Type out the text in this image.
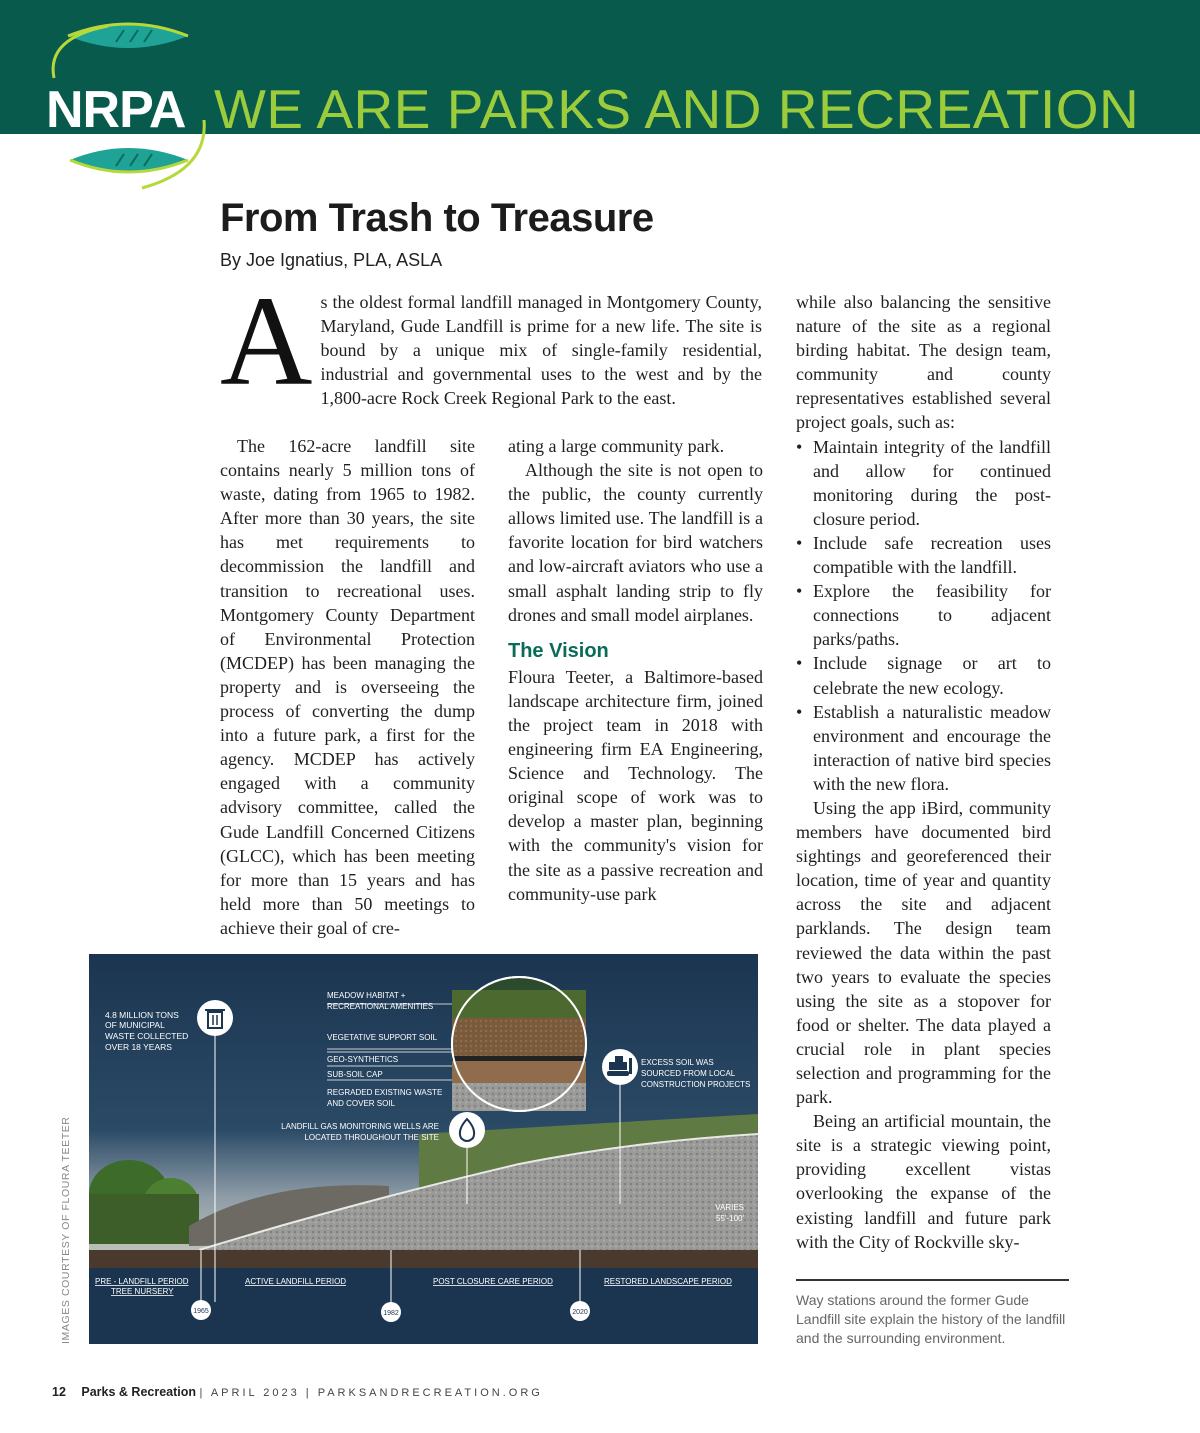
NRPA WE ARE PARKS AND RECREATION
From Trash to Treasure
By Joe Ignatius, PLA, ASLA

As the oldest formal landfill managed in Montgomery County, Maryland, Gude Landfill is prime for a new life. The site is bound by a unique mix of single-family residential, industrial and governmental uses to the west and by the 1,800-acre Rock Creek Regional Park to the east.

The 162-acre landfill site contains nearly 5 million tons of waste, dating from 1965 to 1982. After more than 30 years, the site has met requirements to decommission the landfill and transition to recreational uses. Montgomery County Department of Environmental Protection (MCDEP) has been managing the property and is overseeing the process of converting the dump into a future park, a first for the agency. MCDEP has actively engaged with a community advisory committee, called the Gude Landfill Concerned Citizens (GLCC), which has been meeting for more than 15 years and has held more than 50 meetings to achieve their goal of cre-

ating a large community park.

Although the site is not open to the public, the county currently allows limited use. The landfill is a favorite location for bird watchers and low-aircraft aviators who use a small asphalt landing strip to fly drones and small model airplanes.

The Vision

Floura Teeter, a Baltimore-based landscape architecture firm, joined the project team in 2018 with engineering firm EA Engineering, Science and Technology. The original scope of work was to develop a master plan, beginning with the community's vision for the site as a passive recreation and community-use park

while also balancing the sensitive nature of the site as a regional birding habitat. The design team, community and county representatives established several project goals, such as:

• Maintain integrity of the landfill and allow for continued monitoring during the post-closure period.
• Include safe recreation uses compatible with the landfill.
• Explore the feasibility for connections to adjacent parks/paths.
• Include signage or art to celebrate the new ecology.
• Establish a naturalistic meadow environment and encourage the interaction of native bird species with the new flora.

Using the app iBird, community members have documented bird sightings and georeferenced their location, time of year and quantity across the site and adjacent parklands. The design team reviewed the data within the past two years to evaluate the species using the site as a stopover for food or shelter. The data played a crucial role in plant species selection and programming for the park.

Being an artificial mountain, the site is a strategic viewing point, providing excellent vistas overlooking the expanse of the existing landfill and future park with the City of Rockville sky-

4.8 MILLION TONS OF MUNICIPAL WASTE COLLECTED OVER 18 YEARS
MEADOW HABITAT + RECREATIONAL AMENITIES
VEGETATIVE SUPPORT SOIL
GEO-SYNTHETICS
SUB-SOIL CAP
REGRADED EXISTING WASTE AND COVER SOIL
EXCESS SOIL WAS SOURCED FROM LOCAL CONSTRUCTION PROJECTS
LANDFILL GAS MONITORING WELLS ARE LOCATED THROUGHOUT THE SITE
VARIES 55'-100'
PRE - LANDFILL PERIOD TREE NURSERY
ACTIVE LANDFILL PERIOD	POST CLOSURE CARE PERIOD	RESTORED LANDSCAPE PERIOD
1965	1982	2020
IMAGES COURTESY OF FLOURA TEETER	Way stations around the former Gude Landfill site explain the history of the landfill and the surrounding environment.
12 Parks & Recreation | APRIL 2023 | PARKSANDRECREATION.ORG
